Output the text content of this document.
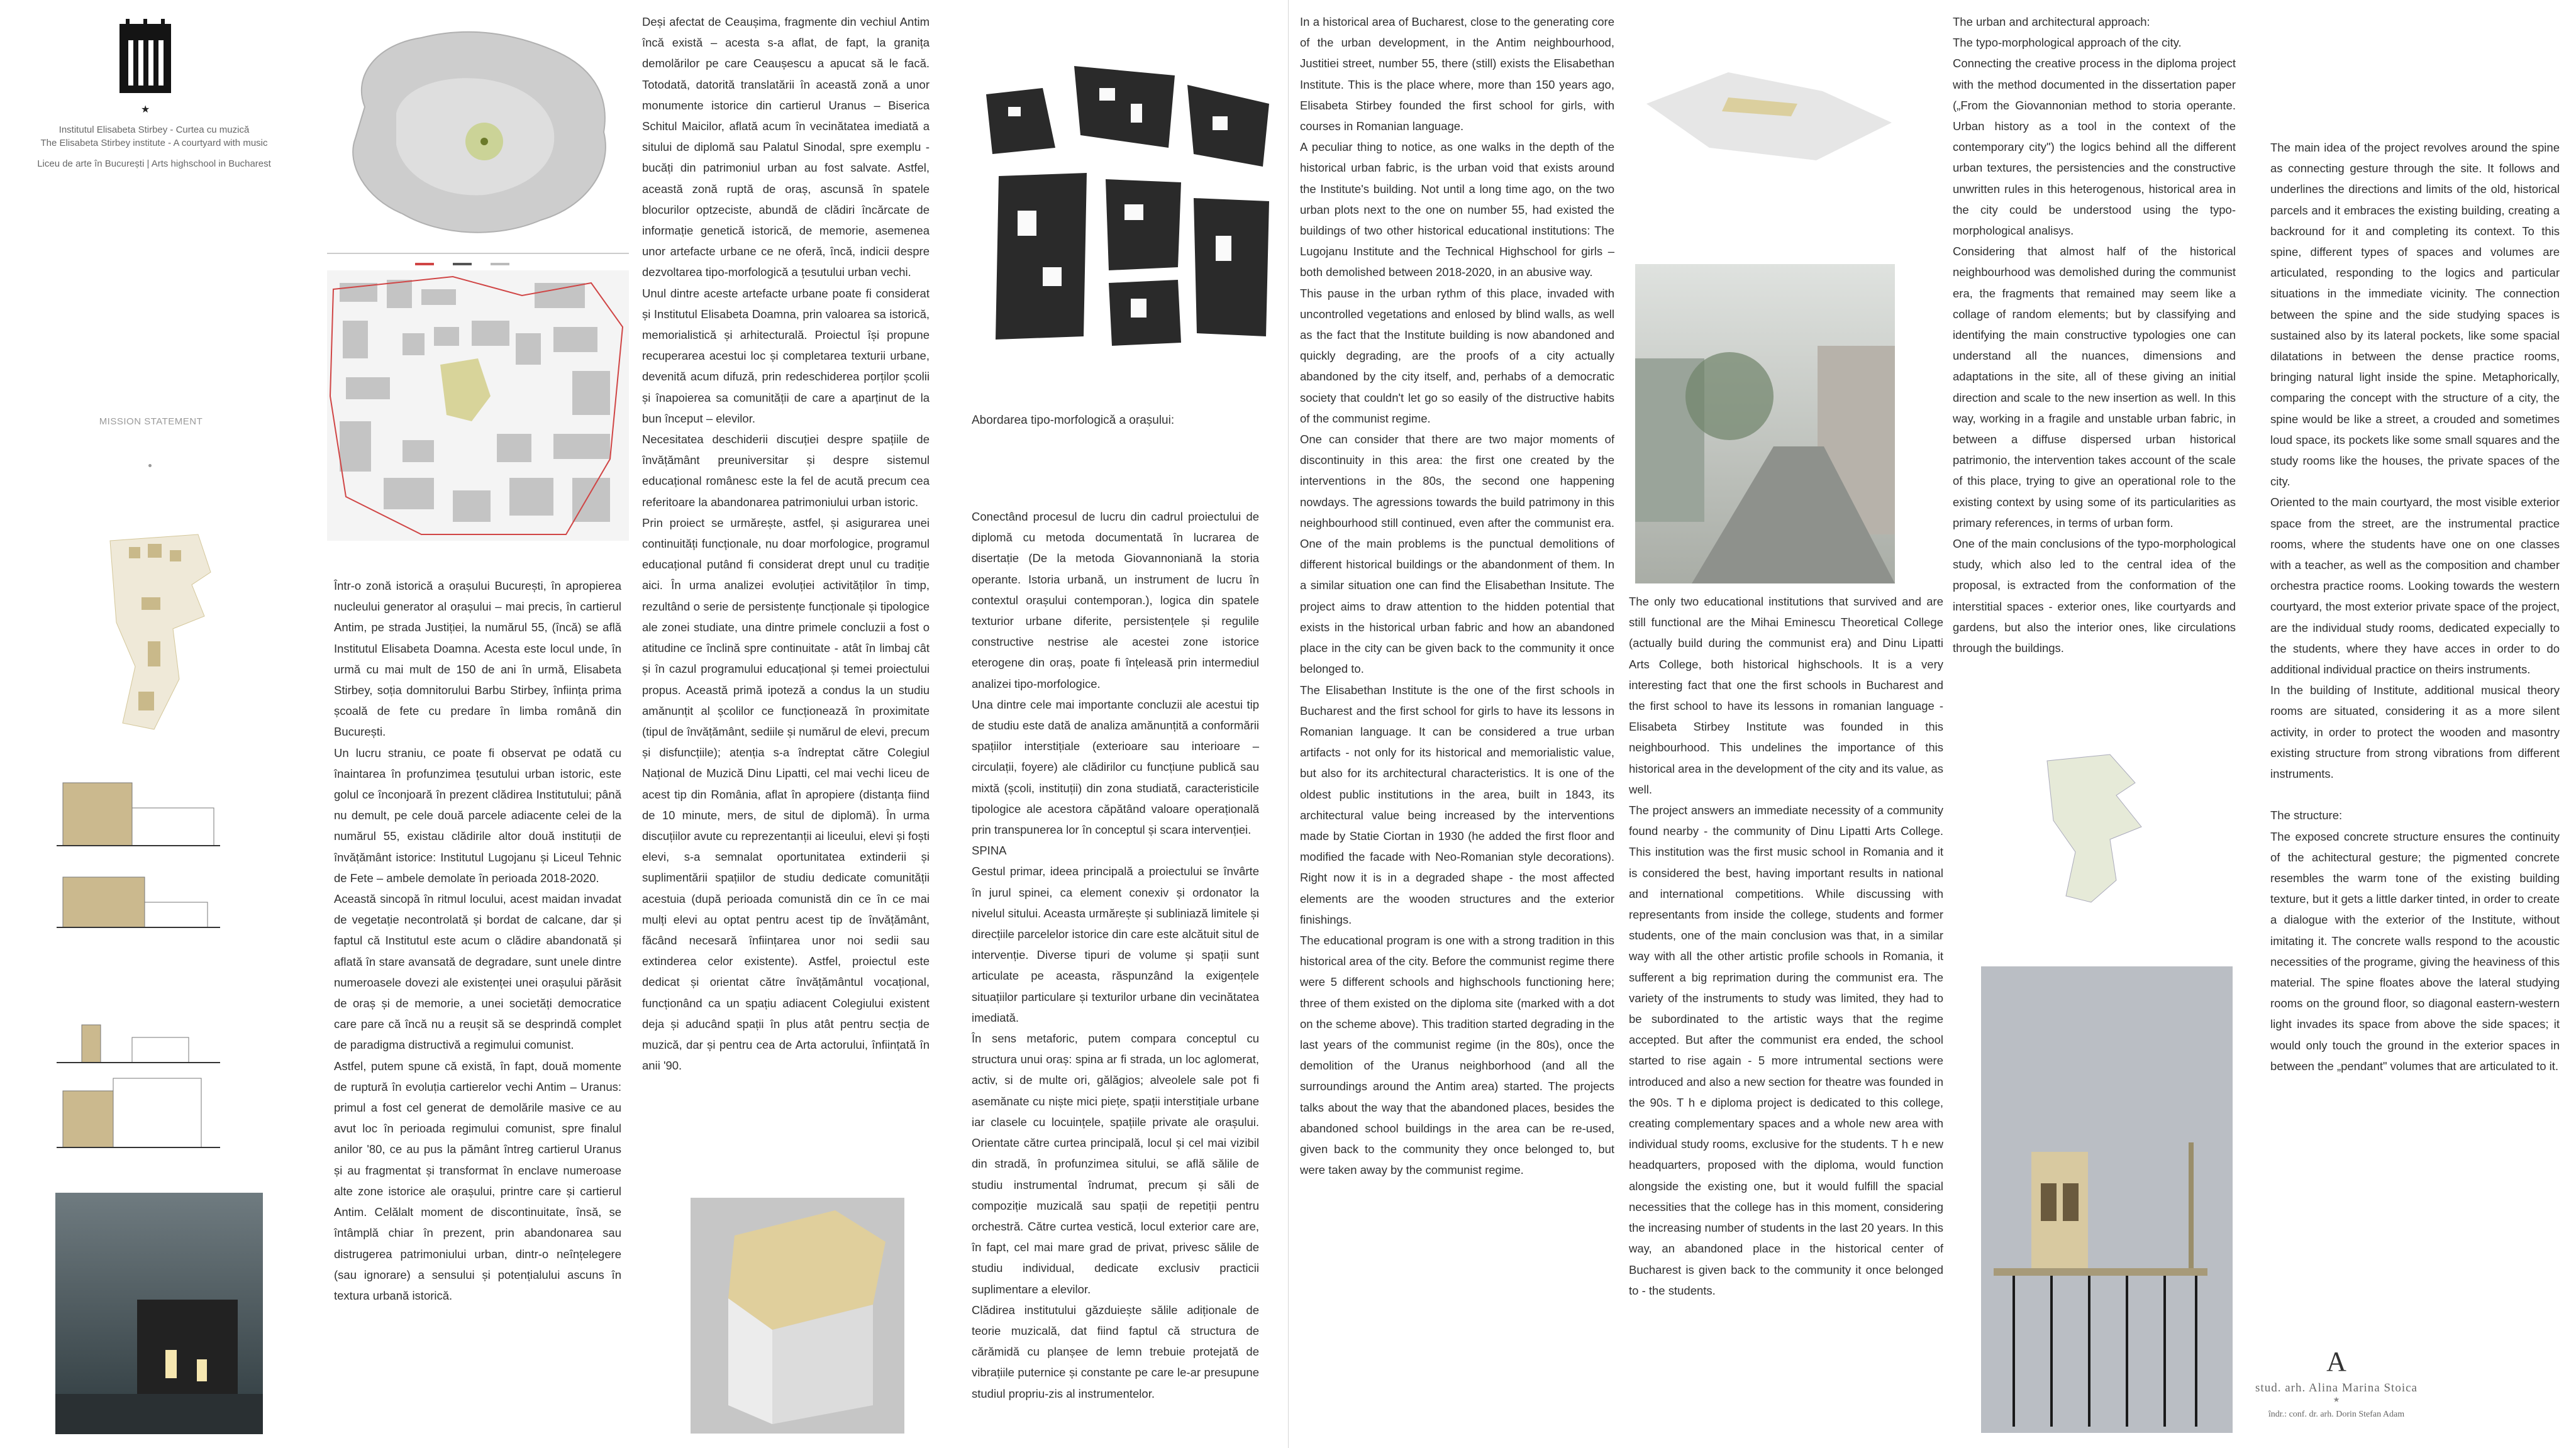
★
Institutul Elisabeta Stirbey - Curtea cu muzică
The Elisabeta Stirbey institute - A courtyard with music
Liceu de arte în București | Arts highschool in Bucharest
MISSION STATEMENT

Într-o zonă istorică a orașului București, în apropierea nucleului generator al orașului – mai precis, în cartierul Antim, pe strada Justiției, la numărul 55, (încă) se află Institutul Elisabeta Doamna. Acesta este locul unde, în urmă cu mai mult de 150 de ani în urmă, Elisabeta Stirbey, soția domnitorului Barbu Stirbey, înființa prima școală de fete cu predare în limba română din București.

Un lucru straniu, ce poate fi observat pe odată cu înaintarea în profunzimea țesutului urban istoric, este golul ce înconjoară în prezent clădirea Institutului; până nu demult, pe cele două parcele adiacente celei de la numărul 55, existau clădirile altor două instituții de învățământ istorice: Institutul Lugojanu și Liceul Tehnic de Fete – ambele demolate în perioada 2018-2020.

Această sincopă în ritmul locului, acest maidan invadat de vegetație necontrolată și bordat de calcane, dar și faptul că Institutul este acum o clădire abandonată și aflată în stare avansată de degradare, sunt unele dintre numeroasele dovezi ale existenței unei orașului părăsit de oraș și de memorie, a unei societăți democratice care pare că încă nu a reușit să se desprindă complet de paradigma distructivă a regimului comunist.

Astfel, putem spune că există, în fapt, două momente de ruptură în evoluția cartierelor vechi Antim – Uranus: primul a fost cel generat de demolările masive ce au avut loc în perioada regimului comunist, spre finalul anilor '80, ce au pus la pământ întreg cartierul Uranus și au fragmentat și transformat în enclave numeroase alte zone istorice ale orașului, printre care și cartierul Antim. Celălalt moment de discontinuitate, însă, se întâmplă chiar în prezent, prin abandonarea sau distrugerea patrimoniului urban, dintr-o neînțelegere (sau ignorare) a sensului și potențialului ascuns în textura urbană istorică.

Deși afectat de Ceaușima, fragmente din vechiul Antim încă există – acesta s-a aflat, de fapt, la granița demolărilor pe care Ceaușescu a apucat să le facă. Totodată, datorită translatării în această zonă a unor monumente istorice din cartierul Uranus – Biserica Schitul Maicilor, aflată acum în vecinătatea imediată a sitului de diplomă sau Palatul Sinodal, spre exemplu - bucăți din patrimoniul urban au fost salvate. Astfel, această zonă ruptă de oraș, ascunsă în spatele blocurilor optzeciste, abundă de clădiri încărcate de informație genetică istorică, de memorie, asemenea unor artefacte urbane ce ne oferă, încă, indicii despre dezvoltarea tipo-morfologică a țesutului urban vechi.

Unul dintre aceste artefacte urbane poate fi considerat și Institutul Elisabeta Doamna, prin valoarea sa istorică, memorialistică și arhitecturală. Proiectul își propune recuperarea acestui loc și completarea texturii urbane, devenită acum difuză, prin redeschiderea porților școlii și înapoierea sa comunității de care a aparținut de la bun început – elevilor.

Necesitatea deschiderii discuției despre spațiile de învățământ preuniversitar și despre sistemul educațional românesc este la fel de acută precum cea referitoare la abandonarea patrimoniului urban istoric.

Prin proiect se urmărește, astfel, și asigurarea unei continuități funcționale, nu doar morfologice, programul educațional putând fi considerat drept unul cu tradiție aici. În urma analizei evoluției activităților în timp, rezultând o serie de persistențe funcționale și tipologice ale zonei studiate, una dintre primele concluzii a fost o atitudine ce înclină spre continuitate - atât în limbaj cât și în cazul programului educațional și temei proiectului propus. Această primă ipoteză a condus la un studiu amănunțit al școlilor ce funcționează în proximitate (tipul de învățământ, sediile și numărul de elevi, precum și disfuncțiile); atenția s-a îndreptat către Colegiul Național de Muzică Dinu Lipatti, cel mai vechi liceu de acest tip din România, aflat în apropiere (distanța fiind de 10 minute, mers, de situl de diplomă). În urma discuțiilor avute cu reprezentanții ai liceului, elevi și foști elevi, s-a semnalat oportunitatea extinderii și suplimentării spațiilor de studiu dedicate comunității acestuia (după perioada comunistă din ce în ce mai mulți elevi au optat pentru acest tip de învățământ, făcând necesară înființarea unor noi sedii sau extinderea celor existente). Astfel, proiectul este dedicat și orientat către învățământul vocațional, funcționând ca un spațiu adiacent Colegiului existent deja și aducând spații în plus atât pentru secția de muzică, dar și pentru cea de Arta actorului, înființată în anii '90.

Abordarea tipo-morfologică a orașului:

Conectând procesul de lucru din cadrul proiectului de diplomă cu metoda documentată în lucrarea de disertație (De la metoda Giovannoniană la storia operante. Istoria urbană, un instrument de lucru în contextul orașului contemporan.), logica din spatele texturior urbane diferite, persistențele și regulile constructive nestrise ale acestei zone istorice eterogene din oraș, poate fi înțeleasă prin intermediul analizei tipo-morfologice.

Una dintre cele mai importante concluzii ale acestui tip de studiu este dată de analiza amănunțită a conformării spațiilor interstițiale (exterioare sau interioare – circulații, foyere) ale clădirilor cu funcțiune publică sau mixtă (școli, instituții) din zona studiată, caracteristicile tipologice ale acestora căpătând valoare operațională prin transpunerea lor în conceptul și scara intervenției.

SPINA

Gestul primar, ideea principală a proiectului se învârte în jurul spinei, ca element conexiv și ordonator la nivelul sitului. Aceasta urmărește și subliniază limitele și direcțiile parcelelor istorice din care este alcătuit situl de intervenție. Diverse tipuri de volume și spații sunt articulate pe aceasta, răspunzând la exigențele situațiilor particulare și texturilor urbane din vecinătatea imediată.

În sens metaforic, putem compara conceptul cu structura unui oraș: spina ar fi strada, un loc aglomerat, activ, si de multe ori, gălăgios; alveolele sale pot fi asemănate cu niște mici piețe, spații interstițiale urbane iar clasele cu locuințele, spațiile private ale orașului. Orientate către curtea principală, locul și cel mai vizibil din stradă, în profunzimea sitului, se află sălile de studiu instrumental îndrumat, precum și săli de compoziție muzicală sau spații de repetiții pentru orchestră. Către curtea vestică, locul exterior care are, în fapt, cel mai mare grad de privat, privesc sălile de studiu individual, dedicate exclusiv practicii suplimentare a elevilor.

Clădirea institutului găzduiește sălile adiționale de teorie muzicală, dat fiind faptul că structura de cărămidă cu planșee de lemn trebuie protejată de vibrațiile puternice și constante pe care le-ar presupune studiul propriu-zis al instrumentelor.

In a historical area of Bucharest, close to the generating core of the urban development, in the Antim neighbourhood, Justitiei street, number 55, there (still) exists the Elisabethan Institute. This is the place where, more than 150 years ago, Elisabeta Stirbey founded the first school for girls, with courses in Romanian language.

A peculiar thing to notice, as one walks in the depth of the historical urban fabric, is the urban void that exists around the Institute's building. Not until a long time ago, on the two urban plots next to the one on number 55, had existed the buildings of two other historical educational institutions: The Lugojanu Institute and the Technical Highschool for girls – both demolished between 2018-2020, in an abusive way.

This pause in the urban rythm of this place, invaded with uncontrolled vegetations and enlosed by blind walls, as well as the fact that the Institute building is now abandoned and quickly degrading, are the proofs of a city actually abandoned by the city itself, and, perhabs of a democratic society that couldn't let go so easily of the distructive habits of the communist regime.

One can consider that there are two major moments of discontinuity in this area: the first one created by the interventions in the 80s, the second one happening nowdays. The agressions towards the build patrimony in this neighbourhood still continued, even after the communist era. One of the main problems is the punctual demolitions of different historical buildings or the abandonment of them. In a similar situation one can find the Elisabethan Insitute. The project aims to draw attention to the hidden potential that exists in the historical urban fabric and how an abandoned place in the city can be given back to the community it once belonged to.

The Elisabethan Institute is the one of the first schools in Bucharest and the first school for girls to have its lessons in Romanian language. It can be considered a true urban artifacts - not only for its historical and memorialistic value, but also for its architectural characteristics. It is one of the oldest public institutions in the area, built in 1843, its architectural value being increased by the interventions made by Statie Ciortan in 1930 (he added the first floor and modified the facade with Neo-Romanian style decorations). Right now it is in a degraded shape - the most affected elements are the wooden structures and the exterior finishings.

The educational program is one with a strong tradition in this historical area of the city. Before the communist regime there were 5 different schools and highschools functioning here; three of them existed on the diploma site (marked with a dot on the scheme above). This tradition started degrading in the last years of the communist regime (in the 80s), once the demolition of the Uranus neighborhood (and all the surroundings around the Antim area) started. The projects talks about the way that the abandoned places, besides the abandoned school buildings in the area can be re-used, given back to the community they once belonged to, but were taken away by the communist regime.

The only two educational institutions that survived and are still functional are the Mihai Eminescu Theoretical College (actually build during the communist era) and Dinu Lipatti Arts College, both historical highschools. It is a very interesting fact that one the first schools in Bucharest and the first school to have its lessons in romanian language - Elisabeta Stirbey Institute was founded in this neighbourhood. This undelines the importance of this historical area in the development of the city and its value, as well.

The project answers an immediate necessity of a community found nearby - the community of Dinu Lipatti Arts College. This institution was the first music school in Romania and it is considered the best, having important results in national and international competitions. While discussing with representants from inside the college, students and former students, one of the main conclusion was that, in a similar way with all the other artistic profile schools in Romania, it sufferent a big reprimation during the communist era. The variety of the instruments to study was limited, they had to be subordinated to the artistic ways that the regime accepted. But after the communist era ended, the school started to rise again - 5 more intrumental sections were introduced and also a new section for theatre was founded in the 90s. T h e diploma project is dedicated to this college, creating complementary spaces and a whole new area with individual study rooms, exclusive for the students. T h e new headquarters, proposed with the diploma, would function alongside the existing one, but it would fulfill the spacial necessities that the college has in this moment, considering the increasing number of students in the last 20 years. In this way, an abandoned place in the historical center of Bucharest is given back to the community it once belonged to - the students.

The urban and architectural approach:

The typo-morphological approach of the city.

Connecting the creative process in the diploma project with the method documented in the dissertation paper („From the Giovannonian method to storia operante. Urban history as a tool in the context of the contemporary city") the logics behind all the different urban textures, the persistencies and the constructive unwritten rules in this heterogenous, historical area in the city could be understood using the typo-morphological analisys.

Considering that almost half of the historical neighbourhood was demolished during the communist era, the fragments that remained may seem like a collage of random elements; but by classifying and identifying the main constructive typologies one can understand all the nuances, dimensions and adaptations in the site, all of these giving an initial direction and scale to the new insertion as well. In this way, working in a fragile and unstable urban fabric, in between a diffuse dispersed urban historical patrimonio, the intervention takes account of the scale of this place, trying to give an operational role to the existing context by using some of its particularities as primary references, in terms of urban form.

One of the main conclusions of the typo-morphological study, which also led to the central idea of the proposal, is extracted from the conformation of the interstitial spaces - exterior ones, like courtyards and gardens, but also the interior ones, like circulations through the buildings.

The main idea of the project revolves around the spine as connecting gesture through the site. It follows and underlines the directions and limits of the old, historical parcels and it embraces the existing building, creating a backround for it and completing its context. To this spine, different types of spaces and volumes are articulated, responding to the logics and particular situations in the immediate vicinity. The connection between the spine and the side studying spaces is sustained also by its lateral pockets, like some spacial dilatations in between the dense practice rooms, bringing natural light inside the spine. Metaphorically, comparing the concept with the structure of a city, the spine would be like a street, a crouded and sometimes loud space, its pockets like some small squares and the study rooms like the houses, the private spaces of the city.

Oriented to the main courtyard, the most visible exterior space from the street, are the instrumental practice rooms, where the students have one on one classes with a teacher, as well as the composition and chamber orchestra practice rooms. Looking towards the western courtyard, the most exterior private space of the project, are the individual study rooms, dedicated expecially to the students, where they have acces in order to do additional individual practice on theirs instruments.

In the building of Institute, additional musical theory rooms are situated, considering it as a more silent activity, in order to protect the wooden and masontry existing structure from strong vibrations from different instruments.

The structure:

The exposed concrete structure ensures the continuity of the achitectural gesture; the pigmented concrete resembles the warm tone of the existing building texture, but it gets a little darker tinted, in order to create a dialogue with the exterior of the Institute, without imitating it. The concrete walls respond to the acoustic necessities of the programe, giving the heaviness of this material. The spine floates above the lateral studying rooms on the ground floor, so diagonal eastern-western light invades its space from above the side spaces; it would only touch the ground in the exterior spaces in between the „pendant" volumes that are articulated to it.

A
stud. arh. Alina Marina Stoica
★
îndr.: conf. dr. arh. Dorin Stefan Adam
